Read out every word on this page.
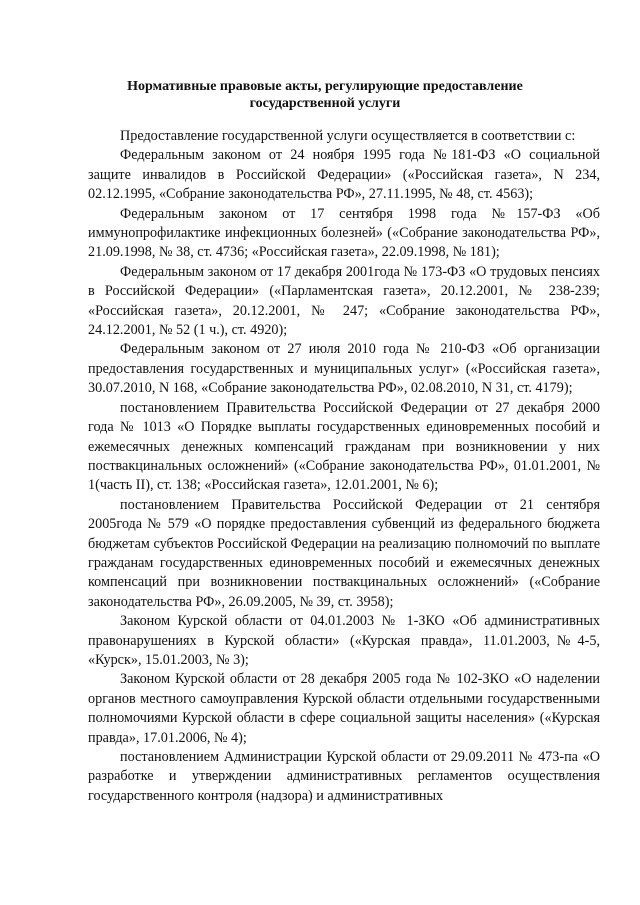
Нормативные правовые акты, регулирующие предоставление государственной услуги

Предоставление государственной услуги осуществляется в соответствии с:

Федеральным законом от 24 ноября 1995 года №181-ФЗ «О социальной защите инвалидов в Российской Федерации» («Российская газета», N 234, 02.12.1995, «Собрание законодательства РФ», 27.11.1995, № 48, ст. 4563);

Федеральным законом от 17 сентября 1998 года №157-ФЗ «Об иммунопрофилактике инфекционных болезней» («Собрание законодательства РФ», 21.09.1998, № 38, ст. 4736; «Российская газета», 22.09.1998, № 181);

Федеральным законом от 17 декабря 2001года № 173-ФЗ «О трудовых пенсиях в Российской Федерации» («Парламентская газета», 20.12.2001, № 238-239; «Российская газета», 20.12.2001, № 247; «Собрание законодательства РФ», 24.12.2001, № 52 (1 ч.), ст. 4920);

Федеральным законом от 27 июля 2010 года № 210-ФЗ «Об организации предоставления государственных и муниципальных услуг» («Российская газета», 30.07.2010, N 168, «Собрание законодательства РФ», 02.08.2010, N 31, ст. 4179);

постановлением Правительства Российской Федерации от 27 декабря 2000 года № 1013 «О Порядке выплаты государственных единовременных пособий и ежемесячных денежных компенсаций гражданам при возникновении у них поствакцинальных осложнений» («Собрание законодательства РФ», 01.01.2001, № 1(часть II), ст. 138; «Российская газета», 12.01.2001, № 6);

постановлением Правительства Российской Федерации от 21 сентября 2005года № 579 «О порядке предоставления субвенций из федерального бюджета бюджетам субъектов Российской Федерации на реализацию полномочий по выплате гражданам государственных единовременных пособий и ежемесячных денежных компенсаций при возникновении поствакцинальных осложнений» («Собрание законодательства РФ», 26.09.2005, № 39, ст. 3958);

Законом Курской области от 04.01.2003 № 1-ЗКО «Об административных правонарушениях в Курской области» («Курская правда», 11.01.2003,№4-5, «Курск», 15.01.2003, № 3);

Законом Курской области от 28 декабря 2005 года № 102-ЗКО «О наделении органов местного самоуправления Курской области отдельными государственными полномочиями Курской области в сфере социальной защиты населения» («Курская правда», 17.01.2006, № 4);

постановлением Администрации Курской области от 29.09.2011 № 473-па «О разработке и утверждении административных регламентов осуществления государственного контроля (надзора) и административных
